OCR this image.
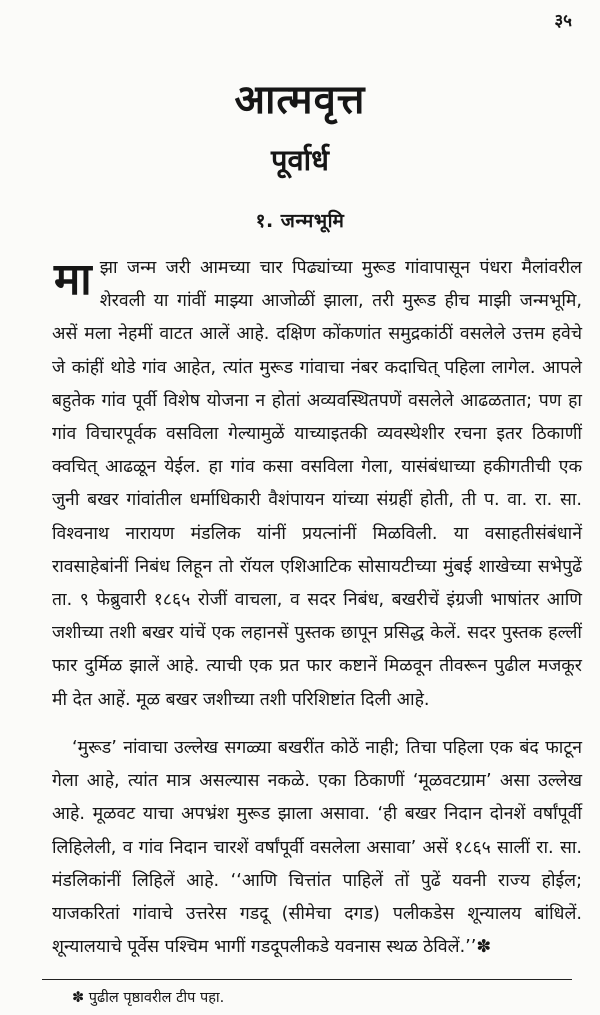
३५
आत्मवृत्त
पूर्वार्ध
१. जन्मभूमि

मा झा जन्म जरी आमच्या चार पिढ्यांच्या मुरूड गांवापासून पंधरा मैलांवरील शेरवली या गांवीं माझ्या आजोळीं झाला, तरी मुरूड हीच माझी जन्मभूमि, असें मला नेहमीं वाटत आलें आहे. दक्षिण कोंकणांत समुद्रकांठीं वसलेले उत्तम हवेचे जे कांहीं थोडे गांव आहेत, त्यांत मुरूड गांवाचा नंबर कदाचित् पहिला लागेल. आपले बहुतेक गांव पूर्वी विशेष योजना न होतां अव्यवस्थितपणें वसलेले आढळतात; पण हा गांव विचारपूर्वक वसविला गेल्यामुळें याच्याइतकी व्यवस्थेशीर रचना इतर ठिकाणीं क्वचित् आढळून येईल. हा गांव कसा वसविला गेला, यासंबंधाच्या हकीगतीची एक जुनी बखर गांवांतील धर्माधिकारी वैशंपायन यांच्या संग्रहीं होती, ती प. वा. रा. सा. विश्वनाथ नारायण मंडलिक यांनीं प्रयत्नांनीं मिळविली. या वसाहतीसंबंधानें रावसाहेबांनीं निबंध लिहून तो रॉयल एशिआटिक सोसायटीच्या मुंबई शाखेच्या सभेपुढें ता. ९ फेब्रुवारी १८६५ रोजीं वाचला, व सदर निबंध, बखरीचें इंग्रजी भाषांतर आणि जशीच्या तशी बखर यांचें एक लहानसें पुस्तक छापून प्रसिद्ध केलें. सदर पुस्तक हल्लीं फार दुर्मिळ झालें आहे. त्याची एक प्रत फार कष्टानें मिळवून तीवरून पुढील मजकूर मी देत आहें. मूळ बखर जशीच्या तशी परिशिष्टांत दिली आहे.

‘मुरूड’ नांवाचा उल्लेख सगळ्या बखरींत कोठें नाही; तिचा पहिला एक बंद फाटून गेला आहे, त्यांत मात्र असल्यास नकळे. एका ठिकाणीं ‘मूळवटग्राम’ असा उल्लेख आहे. मूळवट याचा अपभ्रंश मुरूड झाला असावा. ‘ही बखर निदान दोनशें वर्षांपूर्वी लिहिलेली, व गांव निदान चारशें वर्षांपूर्वी वसलेला असावा’ असें १८६५ सालीं रा. सा. मंडलिकांनीं लिहिलें आहे. ‘‘आणि चित्तांत पाहिलें तों पुढें यवनी राज्य होईल; याजकरितां गांवाचे उत्तरेस गडदू (सीमेचा दगड) पलीकडेस शून्यालय बांधिलें. शून्यालयाचे पूर्वेस पश्चिम भागीं गडदूपलीकडे यवनास स्थळ ठेविलें.’’✽

✽ पुढील पृष्ठावरील टीप पहा.
